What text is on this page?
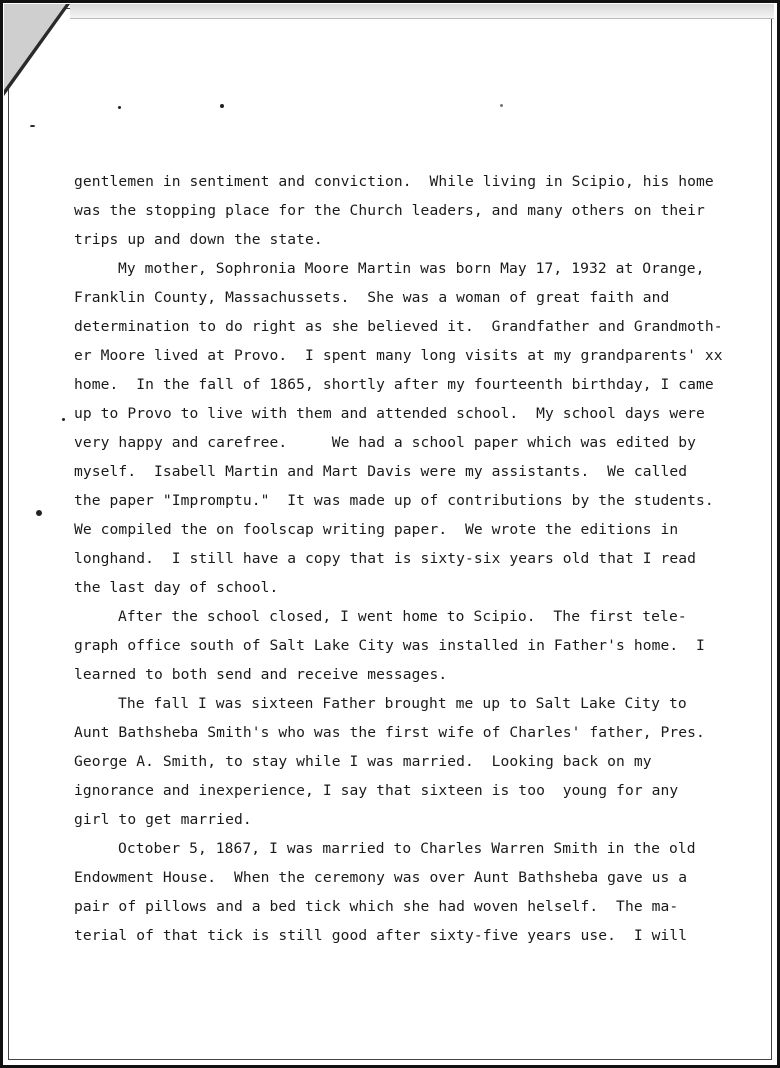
gentlemen in sentiment and conviction.  While living in Scipio, his home
was the stopping place for the Church leaders, and many others on their
trips up and down the state.
My mother, Sophronia Moore Martin was born May 17, 1932 at Orange,
Franklin County, Massachussets.  She was a woman of great faith and
determination to do right as she believed it.  Grandfather and Grandmoth-
er Moore lived at Provo.  I spent many long visits at my grandparents' xx
home.  In the fall of 1865, shortly after my fourteenth birthday, I came
up to Provo to live with them and attended school.  My school days were
very happy and carefree.     We had a school paper which was edited by
myself.  Isabell Martin and Mart Davis were my assistants.  We called
the paper "Impromptu."  It was made up of contributions by the students.
We compiled the on foolscap writing paper.  We wrote the editions in
longhand.  I still have a copy that is sixty-six years old that I read
the last day of school.
After the school closed, I went home to Scipio.  The first tele-
graph office south of Salt Lake City was installed in Father's home.  I
learned to both send and receive messages.
The fall I was sixteen Father brought me up to Salt Lake City to
Aunt Bathsheba Smith's who was the first wife of Charles' father, Pres.
George A. Smith, to stay while I was married.  Looking back on my
ignorance and inexperience, I say that sixteen is too  young for any
girl to get married.
October 5, 1867, I was married to Charles Warren Smith in the old
Endowment House.  When the ceremony was over Aunt Bathsheba gave us a
pair of pillows and a bed tick which she had woven helself.  The ma-
terial of that tick is still good after sixty-five years use.  I will
